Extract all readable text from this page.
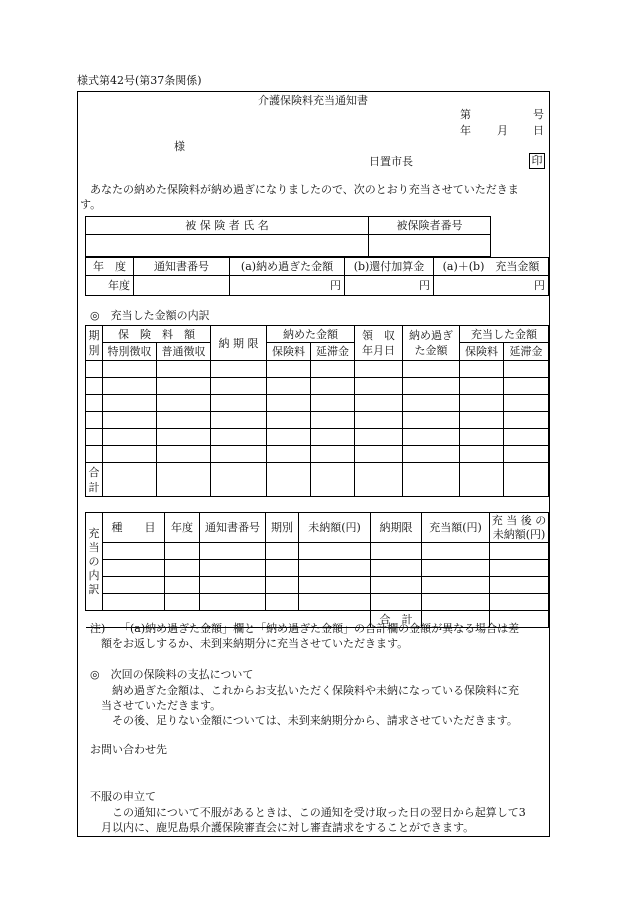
様式第42号(第37条関係)
介護保険料充当通知書
第	号
年 月 日
様
日置市長	印
あなたの納めた保険料が納め過ぎになりましたので、次のとおり充当させていただきま
す。
被 保 険 者 氏 名	被保険者番号

年　度	通知書番号	(a)納め過ぎた金額	(b)還付加算金	(a)＋(b)　充当金額
年度		円	円	円
◎　充当した金額の内訳
期別	保　険　料　額		納 期 限	納めた金額		領　収 年月日	納め過ぎ た金額	充当した金額	
	特別徴収	普通徴収		保険料	延滞金			保険料	延滞金

合計									
充当の内訳	種　　目	年度	通知書番号	期別	未納額(円)	納期限	充当額(円)	充 当 後 の 未納額(円)

						合　計		
注) 「(a)納め過ぎた金額」欄と「納め過ぎた金額」の合計欄の金額が異なる場合は差
額をお返しするか、未到来納期分に充当させていただきます。
◎　次回の保険料の支払について
納め過ぎた金額は、これからお支払いただく保険料や未納になっている保険料に充
当させていただきます。
その後、足りない金額については、未到来納期分から、請求させていただきます。
お問い合わせ先
不服の申立て
この通知について不服があるときは、この通知を受け取った日の翌日から起算して3
月以内に、鹿児島県介護保険審査会に対し審査請求をすることができます。
